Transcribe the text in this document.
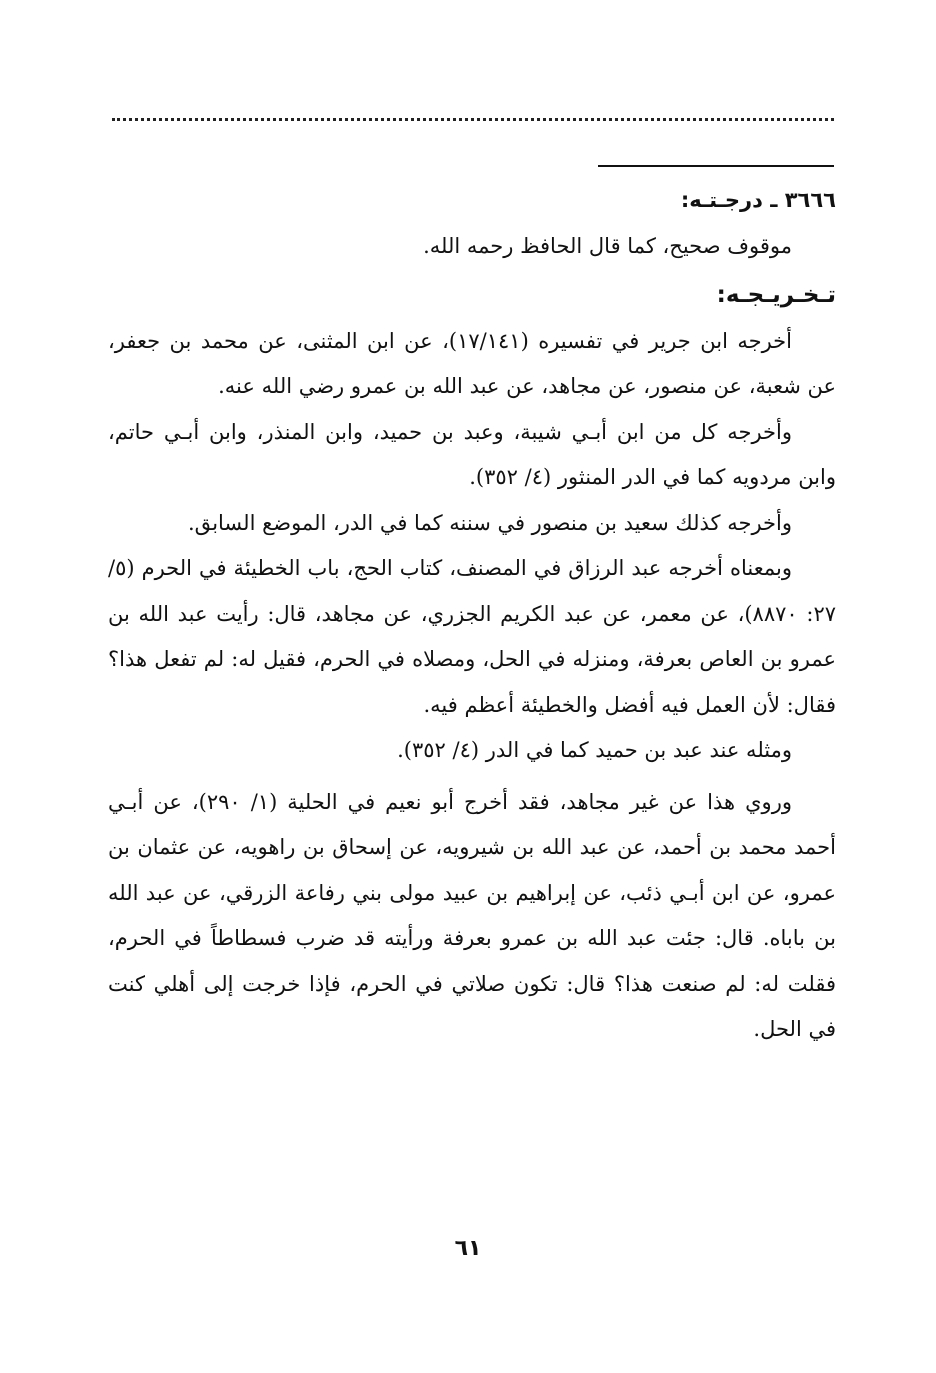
٣٦٦٦ ـ درجـتـه:

موقوف صحيح، كما قال الحافظ رحمه الله.

تـخـريـجـه:

أخرجه ابن جرير في تفسيره (١٧/١٤١)، عن ابن المثنى، عن محمد بن جعفر، عن شعبة، عن منصور، عن مجاهد، عن عبد الله بن عمرو رضي الله عنه.

وأخرجه كل من ابن أبـي شيبة، وعبد بن حميد، وابن المنذر، وابن أبـي حاتم، وابن مردويه كما في الدر المنثور (٤/ ٣٥٢).

وأخرجه كذلك سعيد بن منصور في سننه كما في الدر، الموضع السابق.

وبمعناه أخرجه عبد الرزاق في المصنف، كتاب الحج، باب الخطيئة في الحرم (٥/ ٢٧: ٨٨٧٠)، عن معمر، عن عبد الكريم الجزري، عن مجاهد، قال: رأيت عبد الله بن عمرو بن العاص بعرفة، ومنزله في الحل، ومصلاه في الحرم، فقيل له: لم تفعل هذا؟ فقال: لأن العمل فيه أفضل والخطيئة أعظم فيه.

ومثله عند عبد بن حميد كما في الدر (٤/ ٣٥٢).

وروي هذا عن غير مجاهد، فقد أخرج أبو نعيم في الحلية (١/ ٢٩٠)، عن أبـي أحمد محمد بن أحمد، عن عبد الله بن شيرويه، عن إسحاق بن راهويه، عن عثمان بن عمرو، عن ابن أبـي ذئب، عن إبراهيم بن عبيد مولى بني رفاعة الزرقي، عن عبد الله بن باباه. قال: جئت عبد الله بن عمرو بعرفة ورأيته قد ضرب فسطاطاً في الحرم، فقلت له: لم صنعت هذا؟ قال: تكون صلاتي في الحرم، فإذا خرجت إلى أهلي كنت في الحل.

٦١
